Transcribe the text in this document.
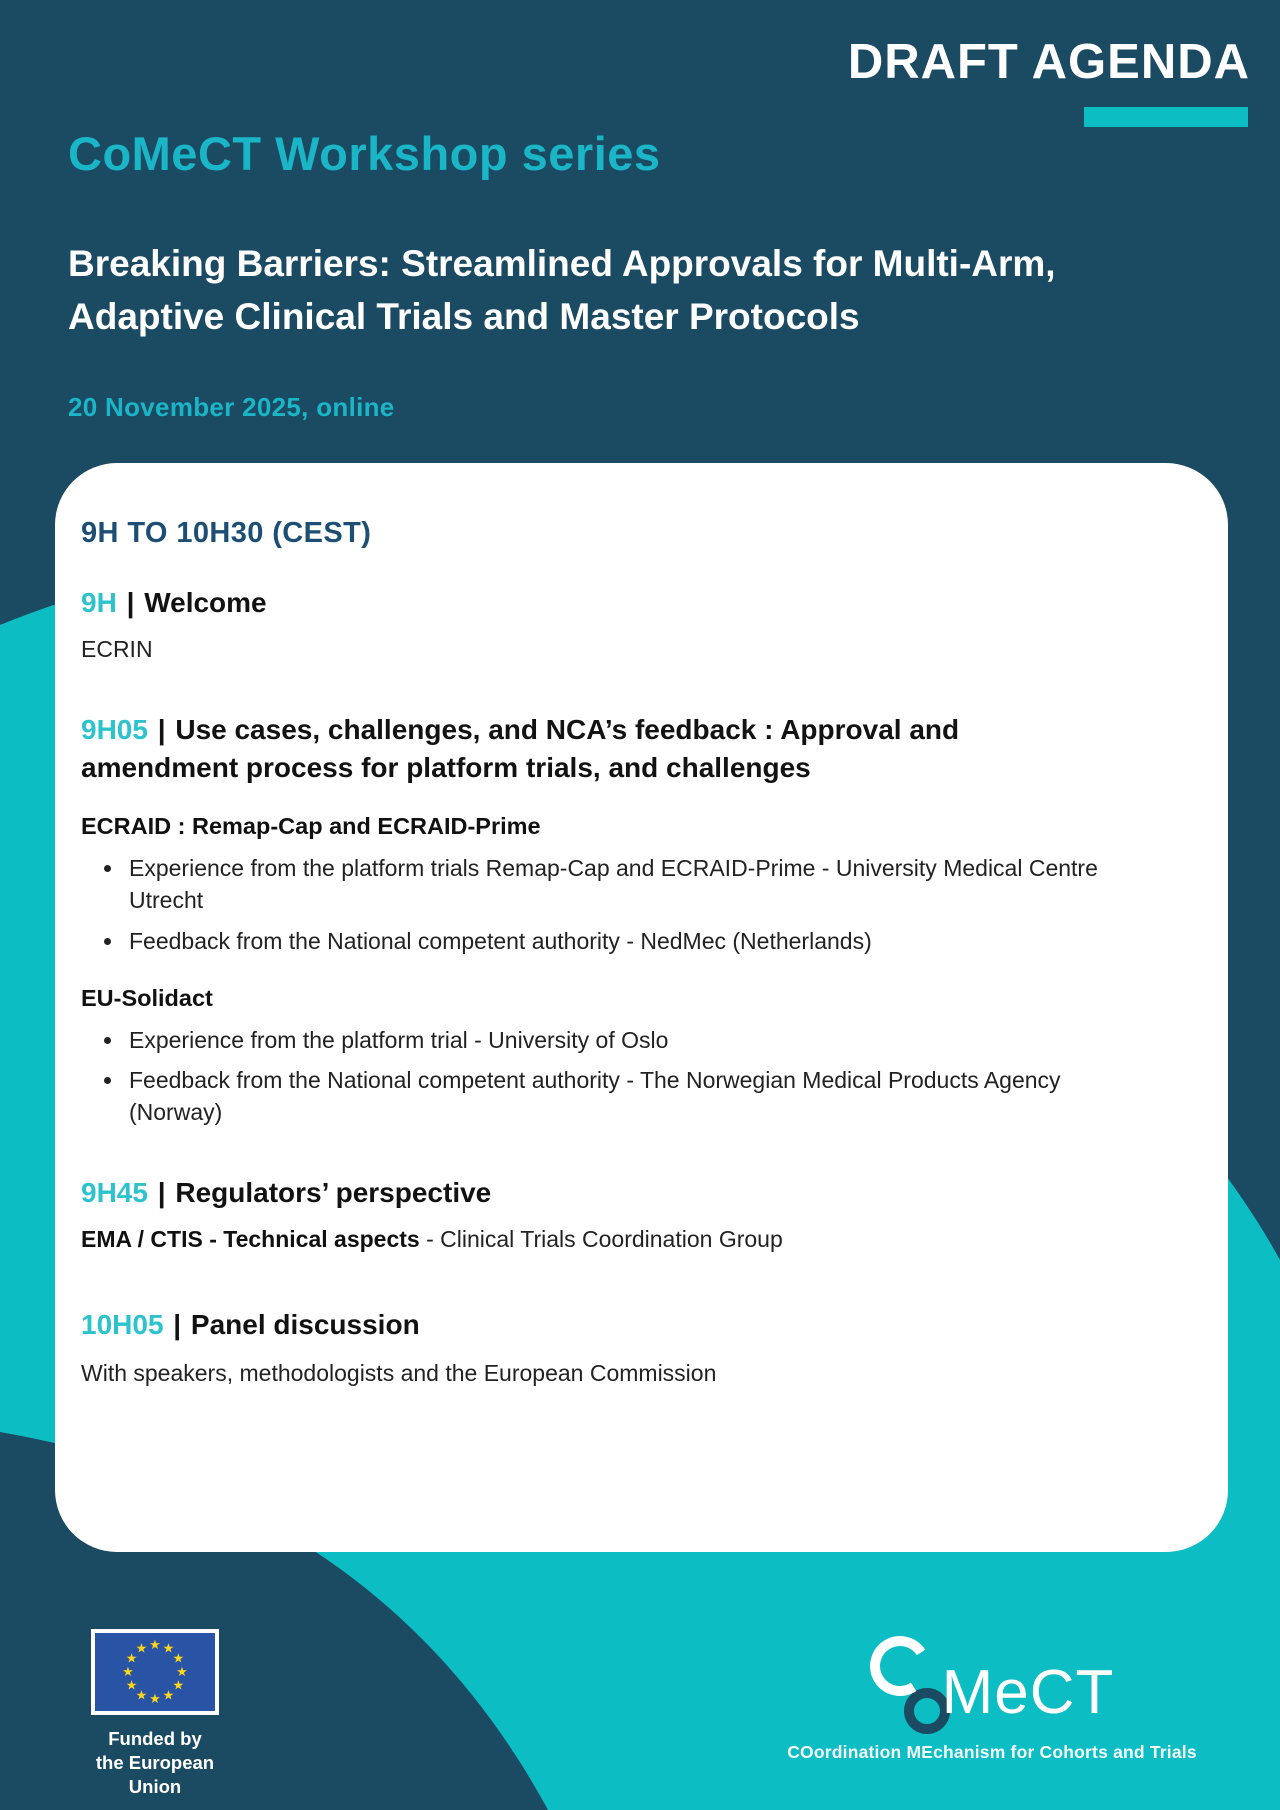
DRAFT AGENDA
CoMeCT Workshop series
Breaking Barriers: Streamlined Approvals for Multi-Arm, Adaptive Clinical Trials and Master Protocols
20 November 2025, online
9H TO 10H30 (CEST)
9H | Welcome
ECRIN
9H05 | Use cases, challenges, and NCA’s feedback : Approval and amendment process for platform trials, and challenges
ECRAID : Remap-Cap and ECRAID-Prime
• Experience from the platform trials Remap-Cap and ECRAID-Prime - University Medical Centre Utrecht
• Feedback from the National competent authority - NedMec (Netherlands)
EU-Solidact
• Experience from the platform trial - University of Oslo
• Feedback from the National competent authority - The Norwegian Medical Products Agency (Norway)
9H45 | Regulators’ perspective
EMA / CTIS - Technical aspects - Clinical Trials Coordination Group
10H05 | Panel discussion
With speakers, methodologists and the European Commission
★ ★
★
★
★
★
★
★
★
★
★
★
Funded by
the European Union
MeCT
COordination MEchanism for Cohorts and Trials
